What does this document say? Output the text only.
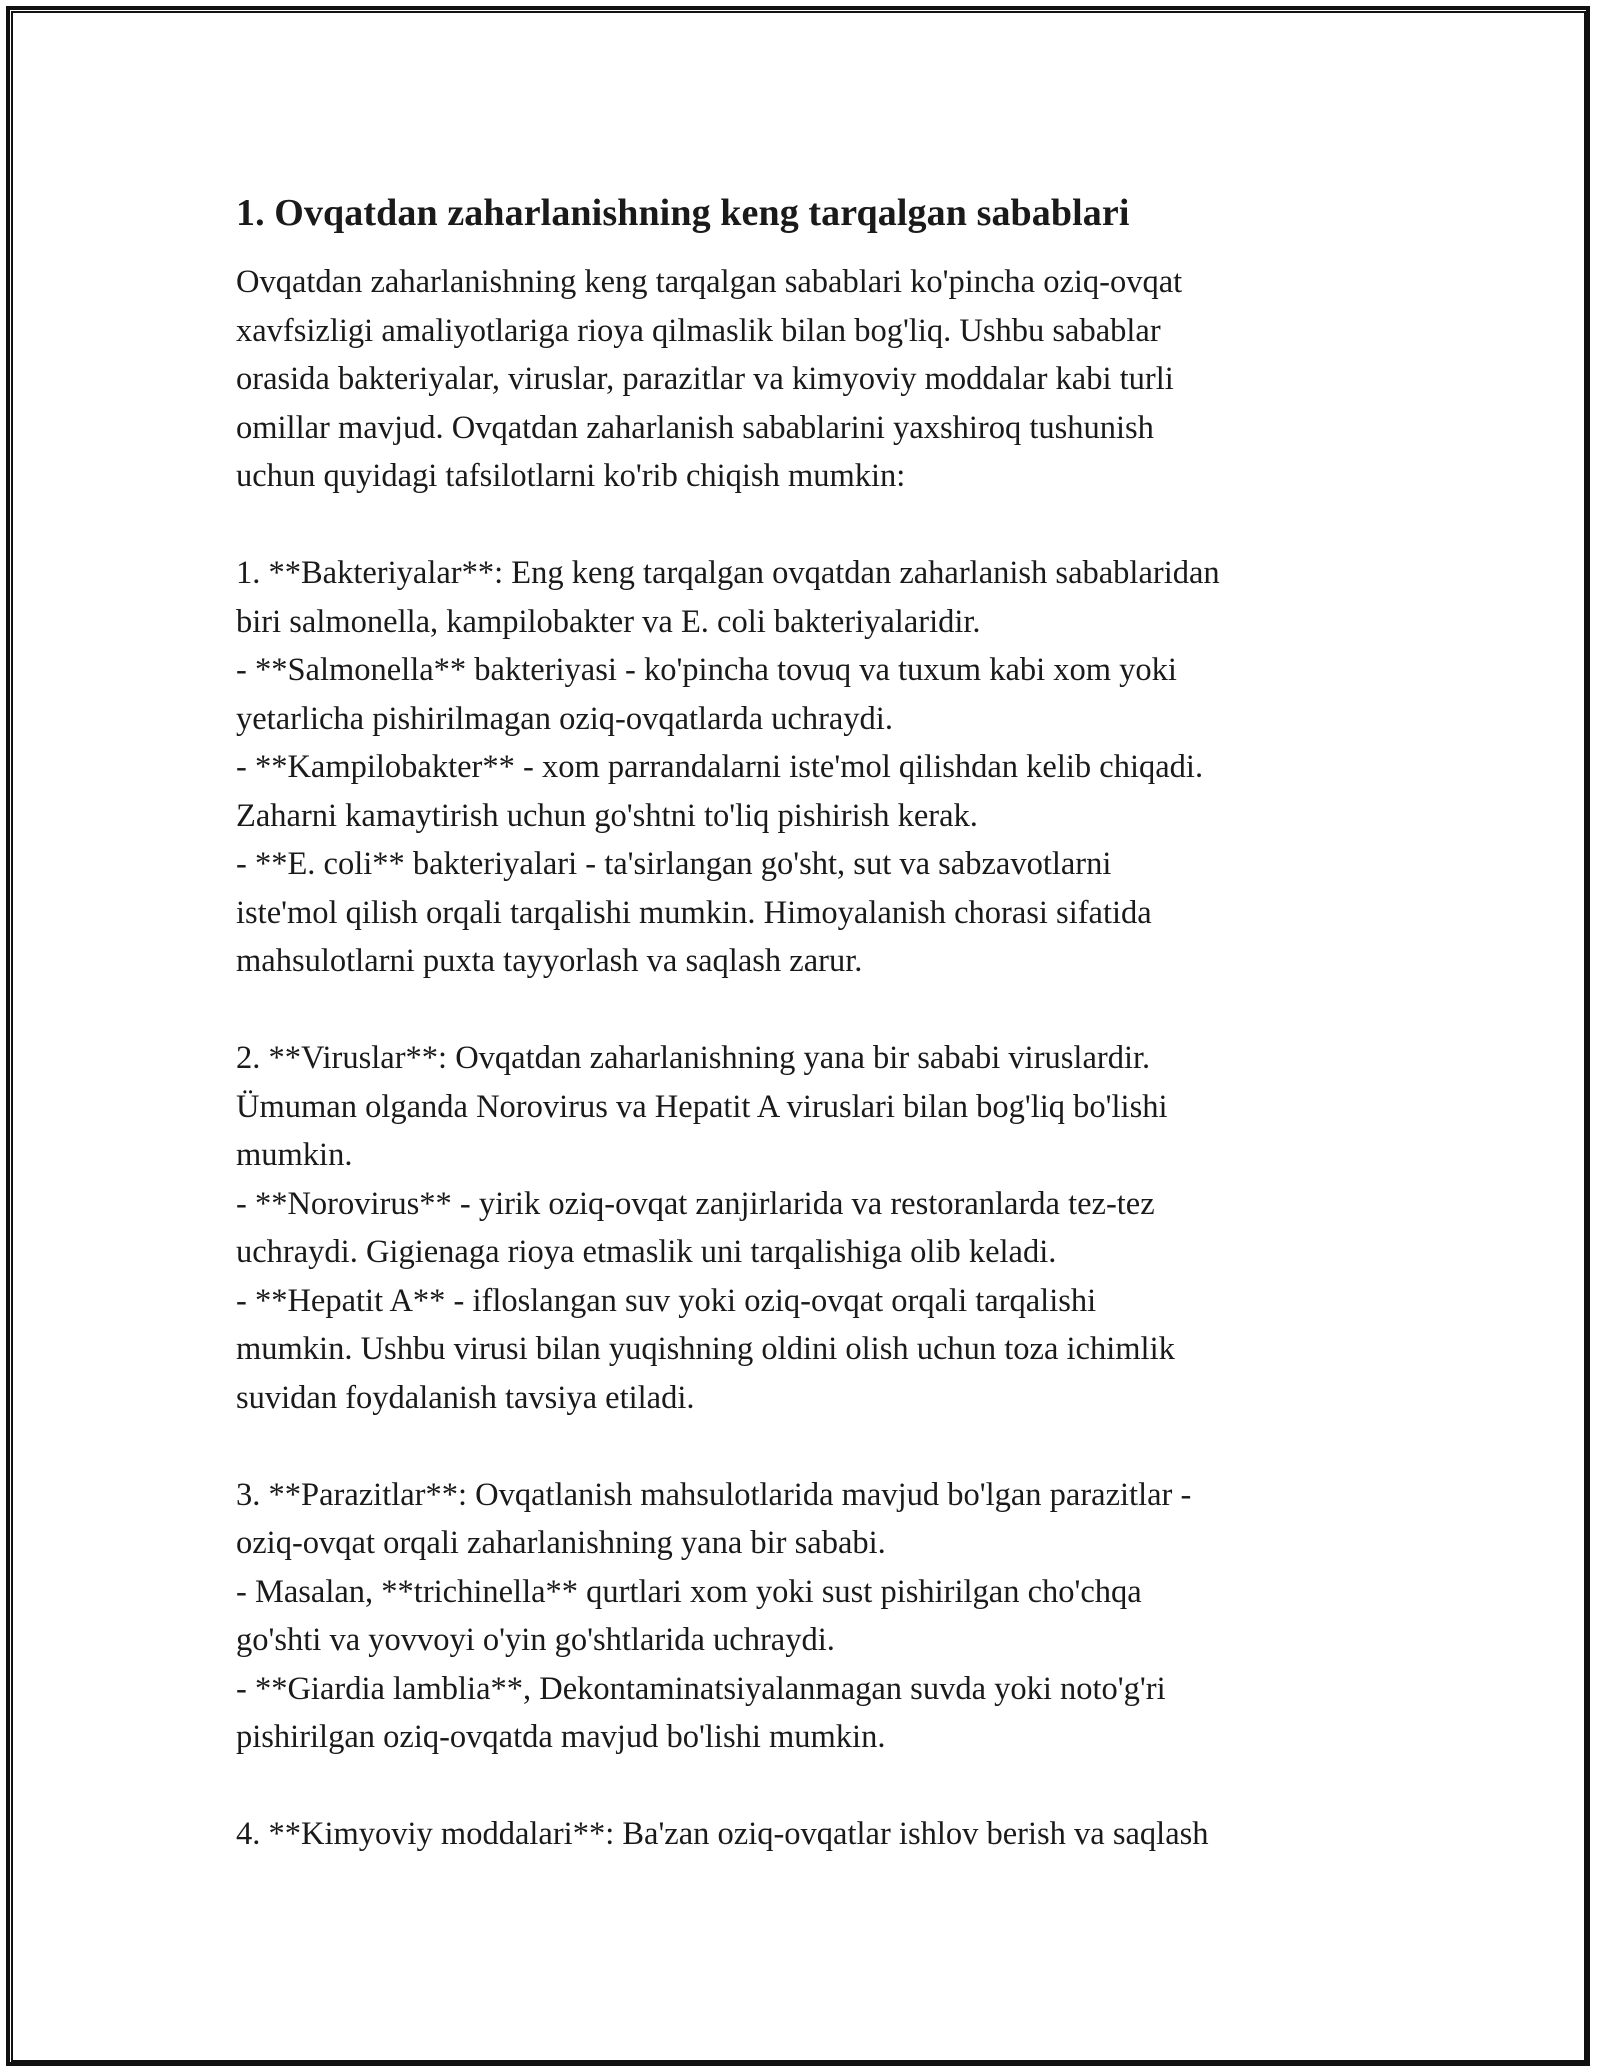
1. Ovqatdan zaharlanishning keng tarqalgan sabablari

Ovqatdan zaharlanishning keng tarqalgan sabablari ko'pincha oziq-ovqat
xavfsizligi amaliyotlariga rioya qilmaslik bilan bog'liq. Ushbu sabablar
orasida bakteriyalar, viruslar, parazitlar va kimyoviy moddalar kabi turli
omillar mavjud. Ovqatdan zaharlanish sabablarini yaxshiroq tushunish
uchun quyidagi tafsilotlarni ko'rib chiqish mumkin:

1. **Bakteriyalar**: Eng keng tarqalgan ovqatdan zaharlanish sabablaridan
biri salmonella, kampilobakter va E. coli bakteriyalaridir.
- **Salmonella** bakteriyasi - ko'pincha tovuq va tuxum kabi xom yoki
yetarlicha pishirilmagan oziq-ovqatlarda uchraydi.
- **Kampilobakter** - xom parrandalarni iste'mol qilishdan kelib chiqadi.
Zaharni kamaytirish uchun go'shtni to'liq pishirish kerak.
- **E. coli** bakteriyalari - ta'sirlangan go'sht, sut va sabzavotlarni
iste'mol qilish orqali tarqalishi mumkin. Himoyalanish chorasi sifatida
mahsulotlarni puxta tayyorlash va saqlash zarur.

2. **Viruslar**: Ovqatdan zaharlanishning yana bir sababi viruslardir.
Ümuman olganda Norovirus va Hepatit A viruslari bilan bog'liq bo'lishi
mumkin.
- **Norovirus** - yirik oziq-ovqat zanjirlarida va restoranlarda tez-tez
uchraydi. Gigienaga rioya etmaslik uni tarqalishiga olib keladi.
- **Hepatit A** - ifloslangan suv yoki oziq-ovqat orqali tarqalishi
mumkin. Ushbu virusi bilan yuqishning oldini olish uchun toza ichimlik
suvidan foydalanish tavsiya etiladi.

3. **Parazitlar**: Ovqatlanish mahsulotlarida mavjud bo'lgan parazitlar -
oziq-ovqat orqali zaharlanishning yana bir sababi.
- Masalan, **trichinella** qurtlari xom yoki sust pishirilgan cho'chqa
go'shti va yovvoyi o'yin go'shtlarida uchraydi.
- **Giardia lamblia**, Dekontaminatsiyalanmagan suvda yoki noto'g'ri
pishirilgan oziq-ovqatda mavjud bo'lishi mumkin.

4. **Kimyoviy moddalari**: Ba'zan oziq-ovqatlar ishlov berish va saqlash
